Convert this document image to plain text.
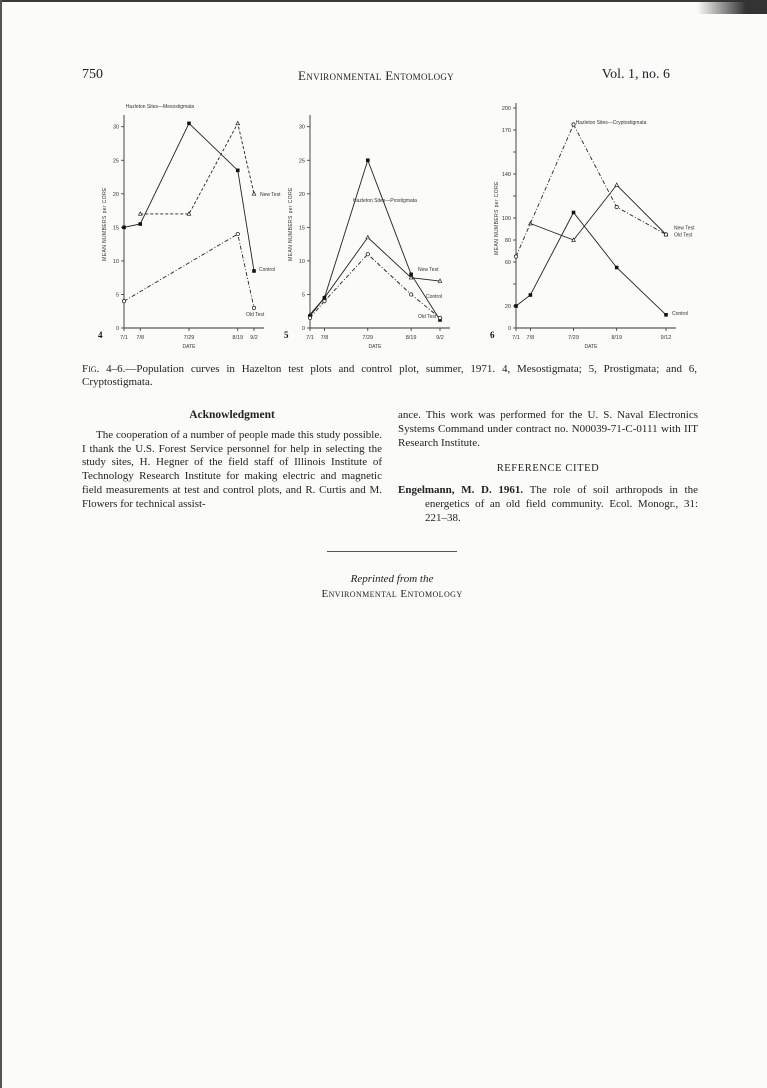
750	Environmental Entomology	Vol. 1, no. 6
0
5
10
15
20
25
30
7/1 7/8	7/29	8/19 9/2
DATE
MEAN NUMBERS per CORE
4
Hazleton Sites—Mesostigmata
Control
New Test
Old Test
0
5
10
15
20
25
30
7/1 7/8	7/29	8/19	9/2
DATE
MEAN NUMBERS per CORE
5
Hazleton Sites—Prostigmata
New Test
Control
Old Test
0
20
60
80
100
140
170
200
7/1 7/8	7/29	8/19	9/12
DATE
MEAN NUMBERS per CORE
6
Hazleton Sites—Cryptostigmata
New Test
Old Test
Control
Fig. 4–6.—Population curves in Hazelton test plots and control plot, summer, 1971. 4, Mesostigmata; 5, Prostigmata; and 6, Cryptostigmata.
Acknowledgment

The cooperation of a number of people made this study possible. I thank the U.S. Forest Service personnel for help in selecting the study sites, H. Hegner of the field staff of Illinois Institute of Technology Research Institute for making electric and magnetic field measurements at test and control plots, and R. Curtis and M. Flowers for technical assist-

ance. This work was performed for the U. S. Naval Electronics Systems Command under contract no. N00039-71-C-0111 with IIT Research Institute.

REFERENCE CITED

Engelmann, M. D. 1961. The role of soil arthropods in the energetics of an old field community. Ecol. Monogr., 31: 221–38.

Reprinted from the
Environmental Entomology
